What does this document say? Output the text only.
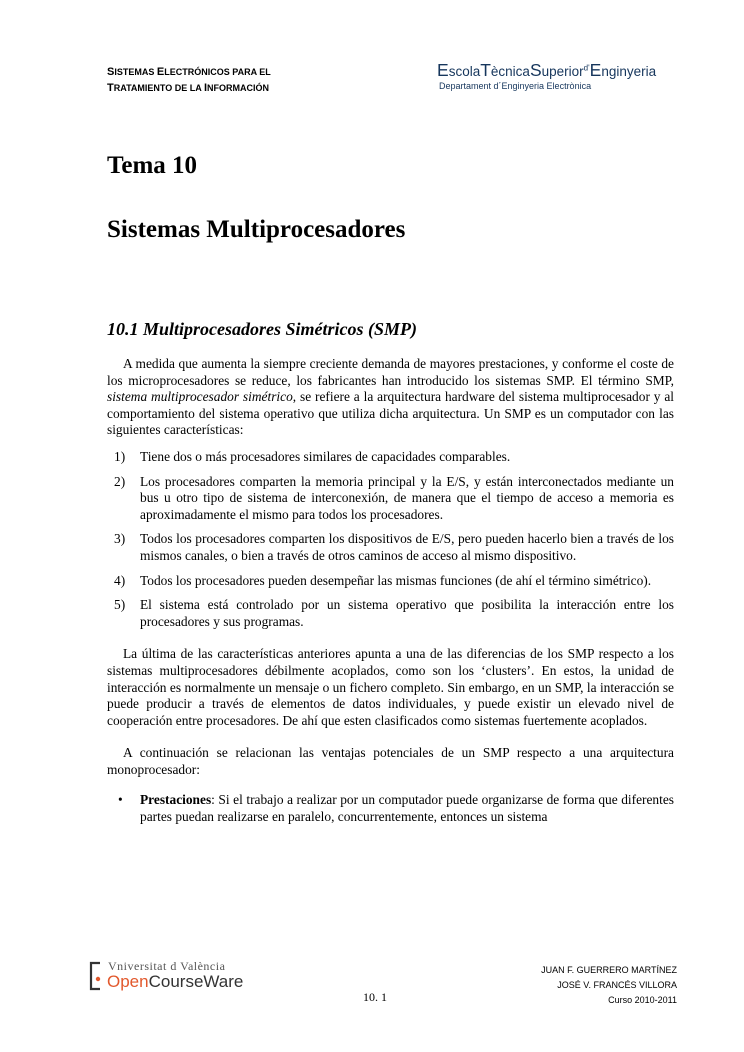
SISTEMAS ELECTRÓNICOS PARA EL
TRATAMIENTO DE LA INFORMACIÓN
EscolaTècnicaSuperior$^{d'}$Enginyeria
Departament d´Enginyeria Electrònica
Tema 10
Sistemas Multiprocesadores
10.1 Multiprocesadores Simétricos (SMP)

A medida que aumenta la siempre creciente demanda de mayores prestaciones, y conforme el coste de los microprocesadores se reduce, los fabricantes han introducido los sistemas SMP. El término SMP, sistema multiprocesador simétrico, se refiere a la arquitectura hardware del sistema multiprocesador y al comportamiento del sistema operativo que utiliza dicha arquitectura. Un SMP es un computador con las siguientes características:

1)	Tiene dos o más procesadores similares de capacidades comparables.
2)	Los procesadores comparten la memoria principal y la E/S, y están interconectados mediante un bus u otro tipo de sistema de interconexión, de manera que el tiempo de acceso a memoria es aproximadamente el mismo para todos los procesadores.
3)	Todos los procesadores comparten los dispositivos de E/S, pero pueden hacerlo bien a través de los mismos canales, o bien a través de otros caminos de acceso al mismo dispositivo.
4)	Todos los procesadores pueden desempeñar las mismas funciones (de ahí el término simétrico).
5)	El sistema está controlado por un sistema operativo que posibilita la interacción entre los procesadores y sus programas.

La última de las características anteriores apunta a una de las diferencias de los SMP respecto a los sistemas multiprocesadores débilmente acoplados, como son los ‘clusters’. En estos, la unidad de interacción es normalmente un mensaje o un fichero completo. Sin embargo, en un SMP, la interacción se puede producir a través de elementos de datos individuales, y puede existir un elevado nivel de cooperación entre procesadores. De ahí que esten clasificados como sistemas fuertemente acoplados.

A continuación se relacionan las ventajas potenciales de un SMP respecto a una arquitectura monoprocesador:

•	Prestaciones: Si el trabajo a realizar por un computador puede organizarse de forma que diferentes partes puedan realizarse en paralelo, concurrentemente, entonces un sistema
Vniversitat d València
OpenCourseWare
10. 1
JUAN F. GUERRERO MARTÍNEZ
JOSÉ V. FRANCÉS VILLORA
Curso 2010-2011
